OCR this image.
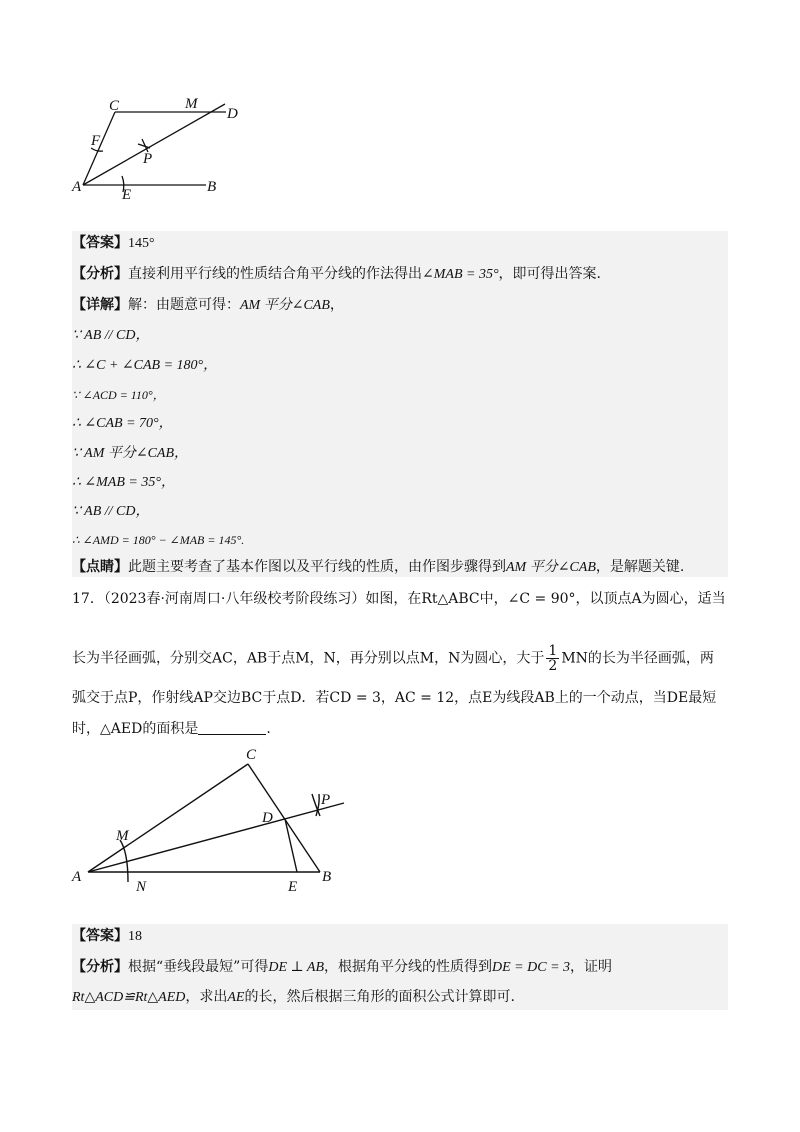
C	M
D
F
P
A	E	B
【答案】145°
【分析】直接利用平行线的性质结合角平分线的作法得出∠MAB = 35°，即可得出答案.
【详解】解：由题意可得：AM 平分∠CAB，
∵ AB // CD，
∴ ∠C + ∠CAB = 180°，
∵ ∠ACD = 110°，
∴ ∠CAB = 70°，
∵ AM 平分∠CAB，
∴ ∠MAB = 35°，
∵ AB // CD，
∴ ∠AMD = 180° − ∠MAB = 145°.
【点睛】此题主要考查了基本作图以及平行线的性质，由作图步骤得到AM 平分∠CAB，是解题关键.
17．（2023春·河南周口·八年级校考阶段练习）如图，在Rt△ABC中，∠C = 90°，以顶点A为圆心，适当
长为半径画弧，分别交AC，AB于点M，N，再分别以点M，N为圆心，大于 $\frac{1}{2}$ MN的长为半径画弧，两
弧交于点P，作射线AP交边BC于点D．若CD = 3，AC = 12，点E为线段AB上的一个动点，当DE最短
时，△AED的面积是	.
C
P
M
D
A
N	E
B
【答案】18
【分析】根据“垂线段最短”可得DE ⊥ AB，根据角平分线的性质得到DE = DC = 3，证明
Rt△ACD≌Rt△AED，求出AE的长，然后根据三角形的面积公式计算即可.
